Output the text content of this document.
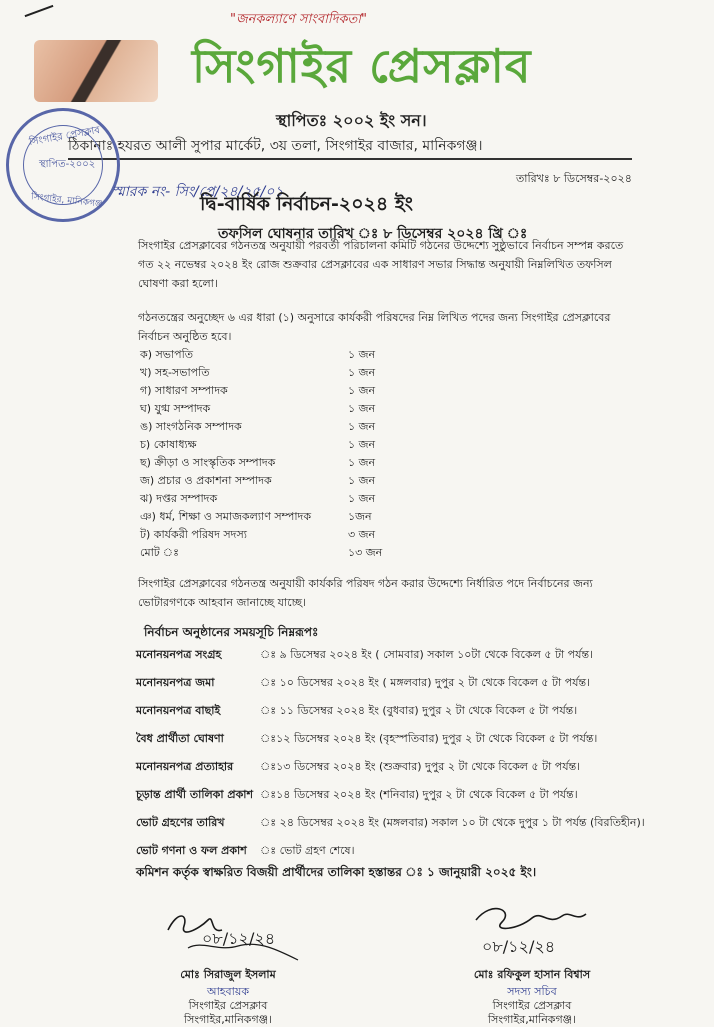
"জনকল্যাণে সাংবাদিকতা"
সিংগাইর প্রেসক্লাব
স্থাপিতঃ ২০০২ ইং সন।
ঠিকানাঃ হযরত আলী সুপার মার্কেট, ৩য় তলা, সিংগাইর বাজার, মানিকগঞ্জ।
সিংগাইর প্রেসক্লাব
স্থাপিত-২০০২
সিংগাইর, মানিকগঞ্জ
স্মারক নং- সিং/প্রে/২৪/২৫/০১
তারিখঃ ৮ ডিসেম্বর-২০২৪
দ্বি-বার্ষিক নির্বাচন-২০২৪ ইং
তফসিল ঘোষনার তারিখ ঃ ৮ ডিসেম্বর ২০২৪ খ্রি ঃ
সিংগাইর প্রেসক্লাবের গঠনতন্ত্র অনুযায়ী পরবর্তী পরিচালনা কমিটি গঠনের উদ্দেশ্যে সুষ্ঠুভাবে নির্বাচন সম্পন্ন করতে গত ২২ নভেম্বর ২০২৪ ইং রোজ শুক্রবার প্রেসক্লাবের এক সাধারণ সভার সিদ্ধান্ত অনুযায়ী নিম্নলিখিত তফসিল ঘোষণা করা হলো।
গঠনতন্ত্রের অনুচ্ছেদ ৬ এর ধারা (১) অনুসারে কার্যকরী পরিষদের নিম্ন লিখিত পদের জন্য সিংগাইর প্রেসক্লাবের নির্বাচন অনুষ্ঠিত হবে।
ক) সভাপতি	১ জন
খ) সহ-সভাপতি	১ জন
গ) সাধারণ সম্পাদক	১ জন
ঘ) যুগ্ম সম্পাদক	১ জন
ঙ) সাংগঠনিক সম্পাদক	১ জন
চ) কোষাধ্যক্ষ	১ জন
ছ) ক্রীড়া ও সাংস্কৃতিক সম্পাদক	১ জন
জ) প্রচার ও প্রকাশনা সম্পাদক	১ জন
ঝ) দপ্তর সম্পাদক	১ জন
ঞ) ধর্ম, শিক্ষা ও সমাজকল্যাণ সম্পাদক	১জন
ট) কার্যকরী পরিষদ সদস্য	৩ জন
মোট ঃ	১৩ জন
সিংগাইর প্রেসক্লাবের গঠনতন্ত্র অনুযায়ী কার্যকরি পরিষদ গঠন করার উদ্দেশ্যে নির্ধারিত পদে নির্বাচনের জন্য ভোটারগণকে আহবান জানাচ্ছে যাচ্ছে।
নির্বাচন অনুষ্ঠানের সময়সূচি নিম্নরূপঃ
মনোনয়নপত্র সংগ্রহ	ঃ ৯ ডিসেম্বর ২০২৪ ইং ( সোমবার) সকাল ১০টা থেকে বিকেল ৫ টা পর্যন্ত।
মনোনয়নপত্র জমা	ঃ ১০ ডিসেম্বর ২০২৪ ইং ( মঙ্গলবার) দুপুর ২ টা থেকে বিকেল ৫ টা পর্যন্ত।
মনোনয়নপত্র বাছাই	ঃ ১১ ডিসেম্বর ২০২৪ ইং (বুধবার) দুপুর ২ টা থেকে বিকেল ৫ টা পর্যন্ত।
বৈধ প্রার্থীতা ঘোষণা	ঃ১২ ডিসেম্বর ২০২৪ ইং (বৃহস্পতিবার) দুপুর ২ টা থেকে বিকেল ৫ টা পর্যন্ত।
মনোনয়নপত্র প্রত্যাহার ঃ১৩ ডিসেম্বর ২০২৪ ইং (শুক্রবার) দুপুর ২ টা থেকে বিকেল ৫ টা পর্যন্ত।
চূড়ান্ত প্রার্থী তালিকা প্রকাশ ঃ১৪ ডিসেম্বর ২০২৪ ইং (শনিবার) দুপুর ২ টা থেকে বিকেল ৫ টা পর্যন্ত।
ভোট গ্রহণের তারিখ	ঃ ২৪ ডিসেম্বর ২০২৪ ইং (মঙ্গলবার) সকাল ১০ টা থেকে দুপুর ১ টা পর্যন্ত (বিরতিহীন)।
ভোট গণনা ও ফল প্রকাশ ঃ ভোট গ্রহণ শেষে।
কমিশন কর্তৃক স্বাক্ষরিত বিজয়ী প্রার্থীদের তালিকা হস্তান্তর ঃ ১ জানুয়ারী ২০২৫ ইং।
০৮/১২/২৪
মোঃ সিরাজুল ইসলাম
আহবায়ক
সিংগাইর প্রেসক্লাব
সিংগাইর,মানিকগঞ্জ।
০৮/১২/২৪
মোঃ রফিকুল হাসান বিশ্বাস
সদস্য সচিব
সিংগাইর প্রেসক্লাব
সিংগাইর,মানিকগঞ্জ।
